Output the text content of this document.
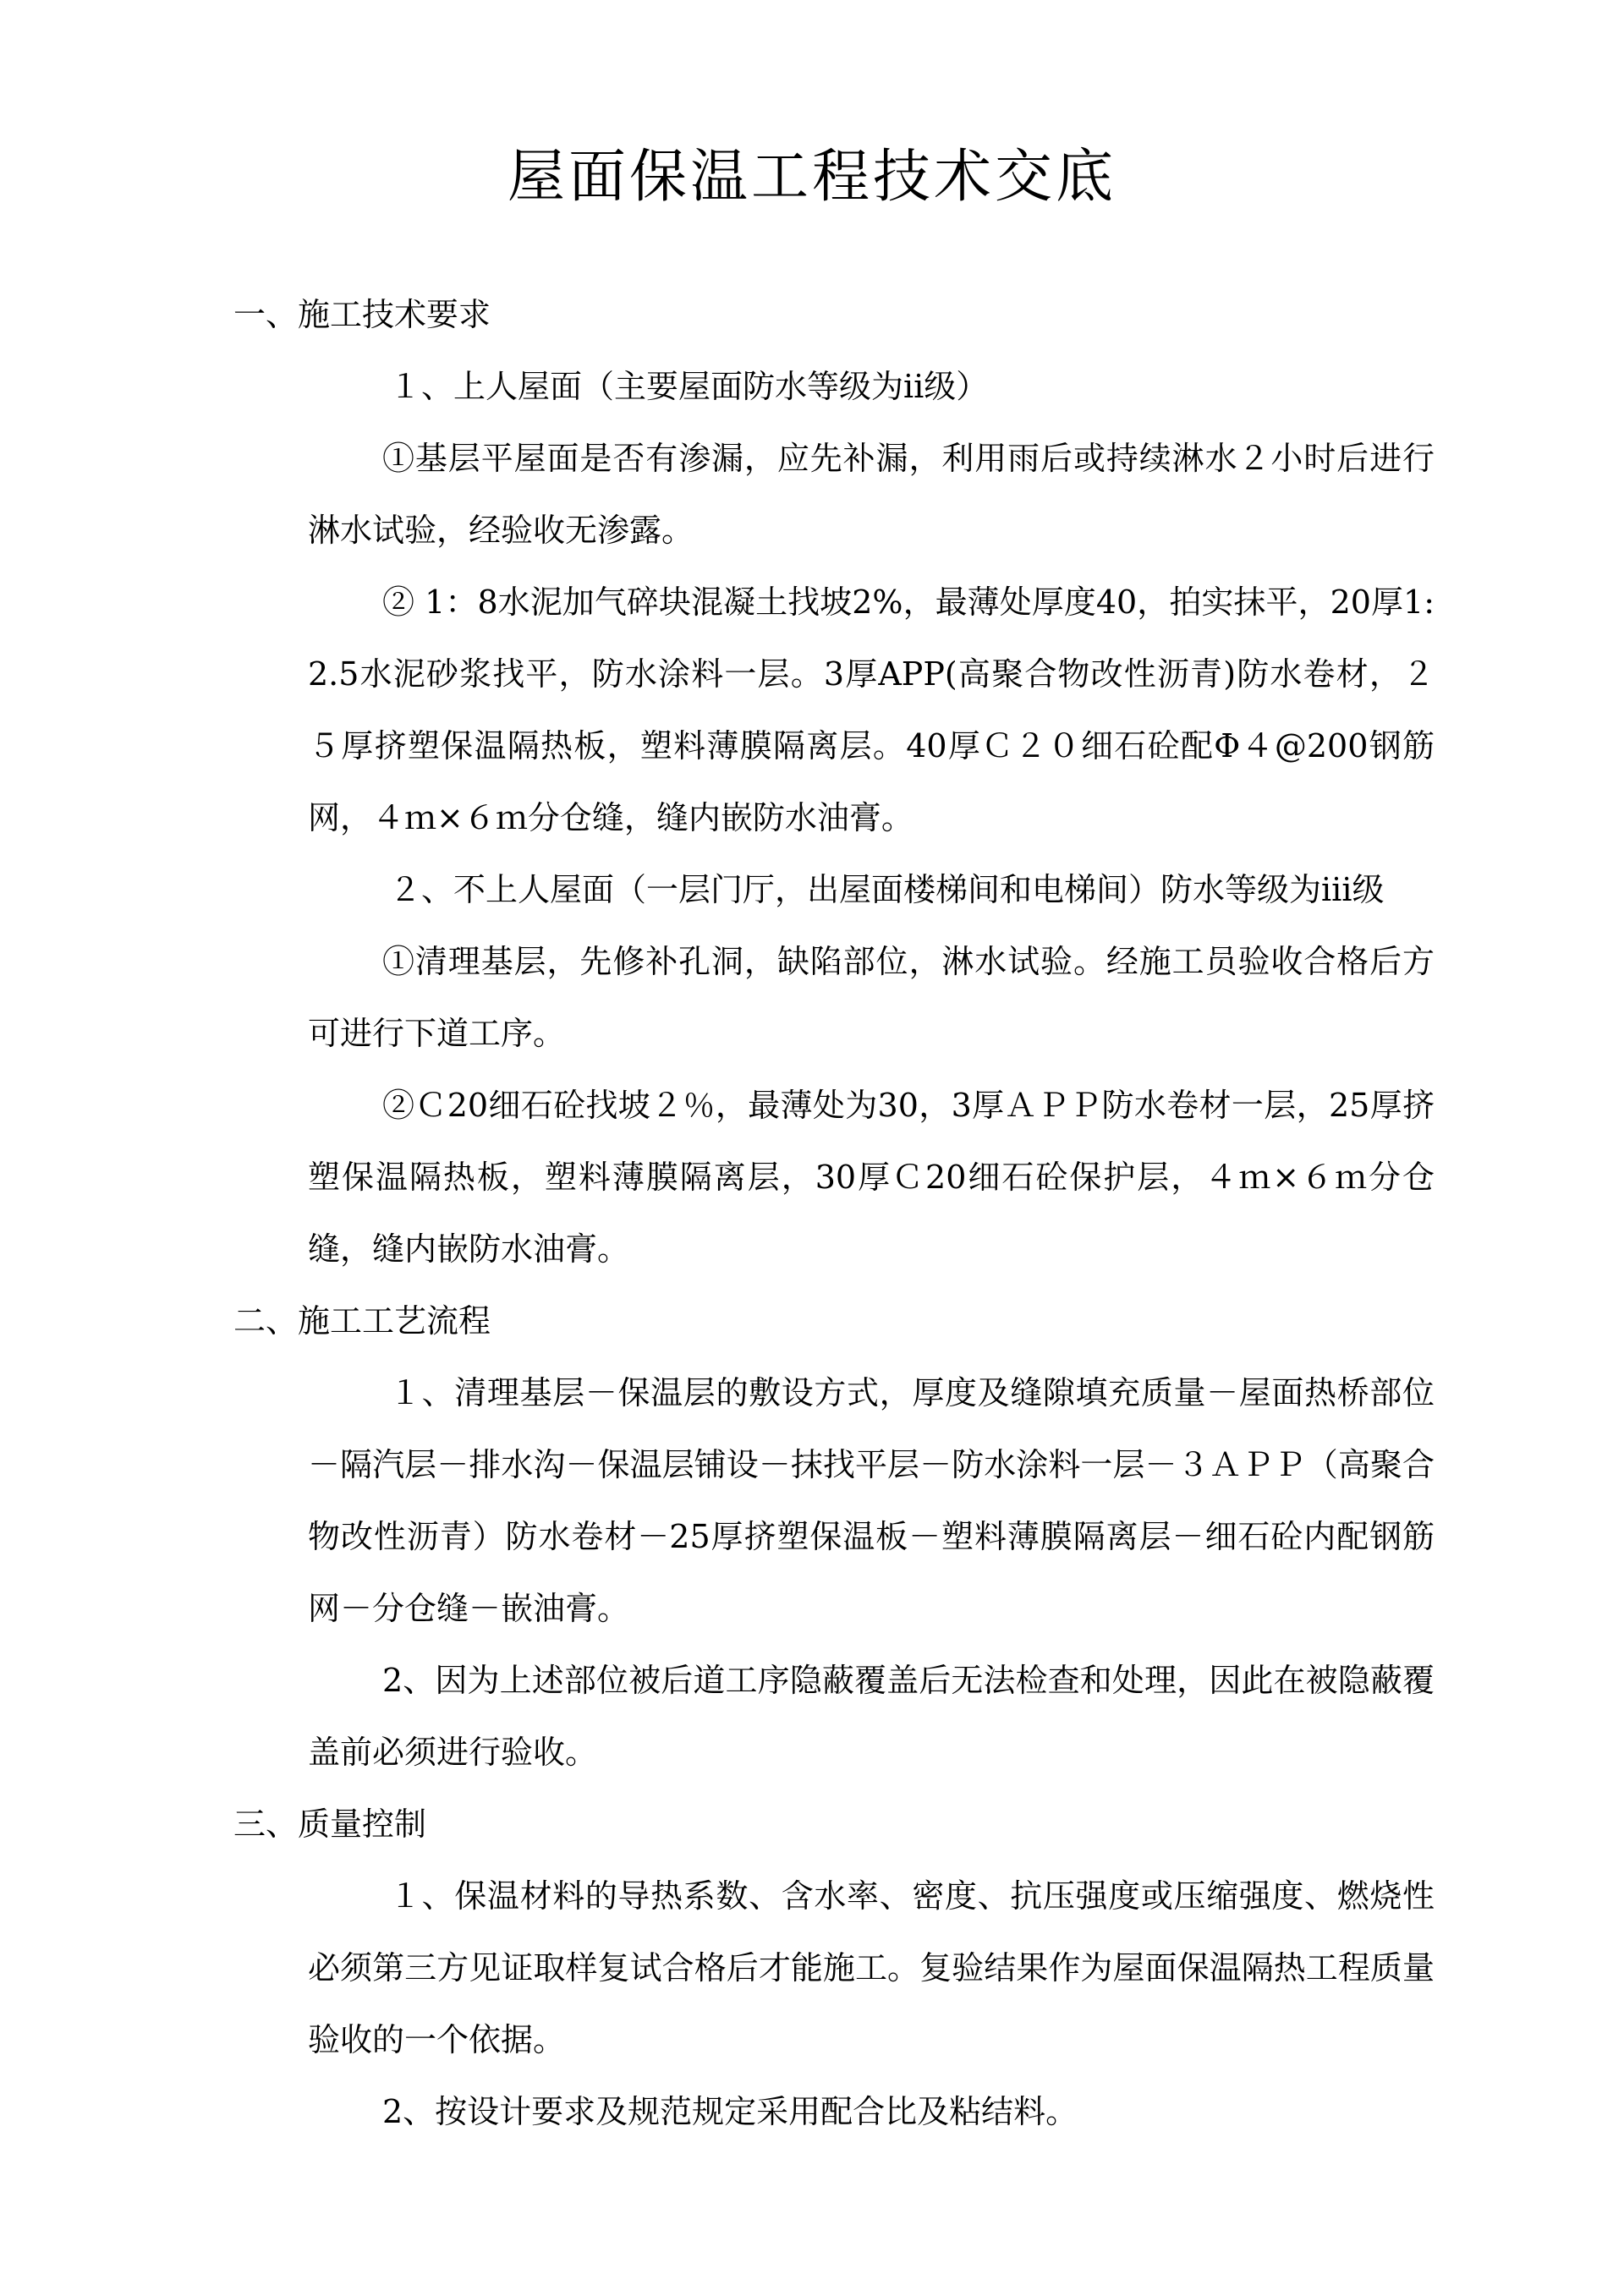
屋面保温工程技术交底

一、施工技术要求

１、上人屋面（主要屋面防水等级为ⅱ级）

①基层平屋面是否有渗漏，应先补漏，利用雨后或持续淋水２小时后进行淋水试验，经验收无渗露。

② 1：8水泥加气碎块混凝土找坡2%，最薄处厚度40，拍实抹平，20厚1:2.5水泥砂浆找平，防水涂料一层。3厚APP(高聚合物改性沥青)防水卷材，２５厚挤塑保温隔热板，塑料薄膜隔离层。40厚Ｃ２０细石砼配Φ４@200钢筋网，４ｍ×６ｍ分仓缝，缝内嵌防水油膏。

２、不上人屋面（一层门厅，出屋面楼梯间和电梯间）防水等级为ⅲ级

①清理基层，先修补孔洞，缺陷部位，淋水试验。经施工员验收合格后方可进行下道工序。

②Ｃ20细石砼找坡２％，最薄处为30，3厚ＡＰＰ防水卷材一层，25厚挤塑保温隔热板，塑料薄膜隔离层，30厚Ｃ20细石砼保护层，４ｍ×６ｍ分仓缝，缝内嵌防水油膏。

二、施工工艺流程

１、清理基层－保温层的敷设方式，厚度及缝隙填充质量－屋面热桥部位－隔汽层－排水沟－保温层铺设－抹找平层－防水涂料一层－３ＡＰＰ（高聚合物改性沥青）防水卷材－25厚挤塑保温板－塑料薄膜隔离层－细石砼内配钢筋网－分仓缝－嵌油膏。

2、因为上述部位被后道工序隐蔽覆盖后无法检查和处理，因此在被隐蔽覆盖前必须进行验收。

三、质量控制

１、保温材料的导热系数、含水率、密度、抗压强度或压缩强度、燃烧性必须第三方见证取样复试合格后才能施工。复验结果作为屋面保温隔热工程质量验收的一个依据。

2、按设计要求及规范规定采用配合比及粘结料。
